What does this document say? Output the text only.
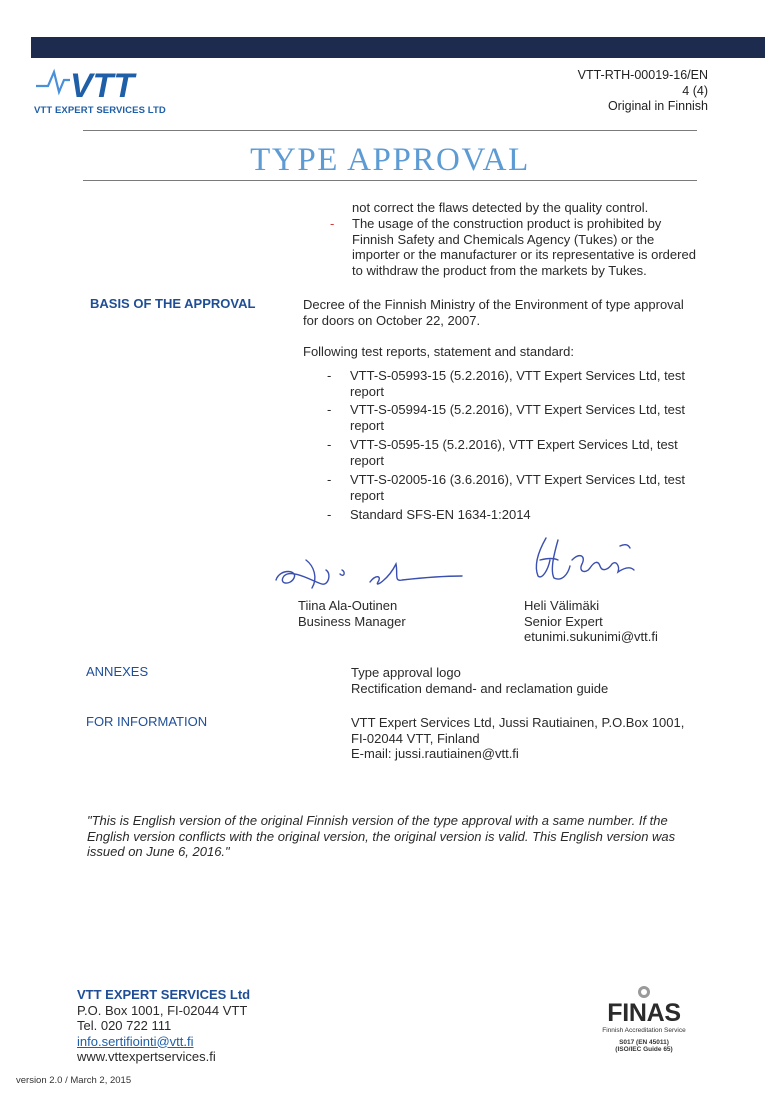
VTT
VTT EXPERT SERVICES LTD
VTT-RTH-00019-16/EN
4 (4)
Original in Finnish
TYPE APPROVAL
not correct the flaws detected by the quality control.
- The usage of the construction product is prohibited by
Finnish Safety and Chemicals Agency (Tukes) or the
importer or the manufacturer or its representative is ordered
to withdraw the product from the markets by Tukes.
BASIS OF THE APPROVAL	Decree of the Finnish Ministry of the Environment of type approval
for doors on October 22, 2007.
Following test reports, statement and standard:
- VTT-S-05993-15 (5.2.2016), VTT Expert Services Ltd, test
report
- VTT-S-05994-15 (5.2.2016), VTT Expert Services Ltd, test
report
- VTT-S-0595-15 (5.2.2016), VTT Expert Services Ltd, test
report
- VTT-S-02005-16 (3.6.2016), VTT Expert Services Ltd, test
report
- Standard SFS-EN 1634-1:2014
Tiina Ala-Outinen
Business Manager
Heli Välimäki
Senior Expert
etunimi.sukunimi@vtt.fi
ANNEXES	Type approval logo
Rectification demand- and reclamation guide
FOR INFORMATION	VTT Expert Services Ltd, Jussi Rautiainen, P.O.Box 1001,
FI-02044 VTT, Finland
E-mail: jussi.rautiainen@vtt.fi
"This is English version of the original Finnish version of the type approval with a same number. If the
English version conflicts with the original version, the original version is valid. This English version was
issued on June 6, 2016."
VTT EXPERT SERVICES Ltd
P.O. Box 1001, FI-02044 VTT
Tel. 020 722 111
info.sertifiointi@vtt.fi
www.vttexpertservices.fi
version 2.0 / March 2, 2015
FINAS
Finnish Accreditation Service
S017 (EN 45011)
(ISO/IEC Guide 65)
